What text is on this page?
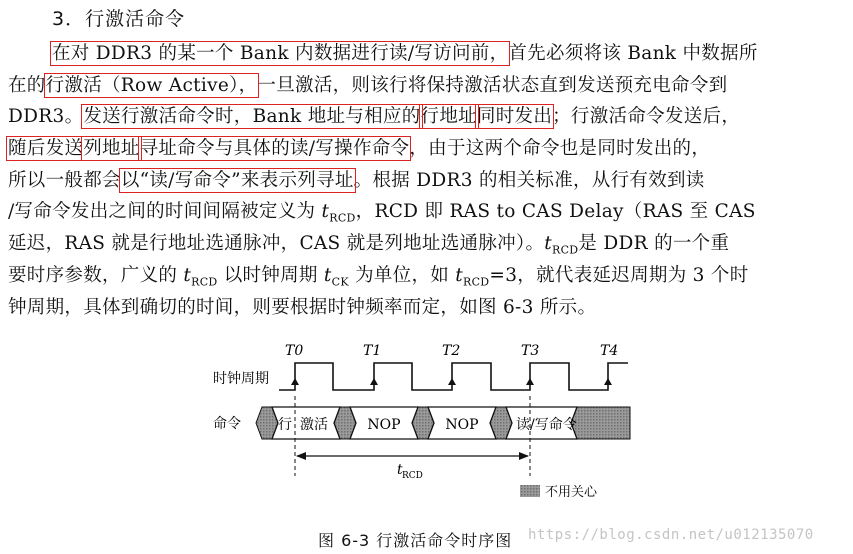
3．行激活命令
在对 DDR3 的某一个 Bank 内数据进行读/写访问前，首先必须将该 Bank 中数据所
在的行激活（Row Active），一旦激活，则该行将保持激活状态直到发送预充电命令到
DDR3。发送行激活命令时，Bank 地址与相应的行地址同时发出；行激活命令发送后，
随后发送列地址寻址命令与具体的读/写操作命令，由于这两个命令也是同时发出的，
所以一般都会以“读/写命令”来表示列寻址。根据 DDR3 的相关标准，从行有效到读
/写命令发出之间的时间间隔被定义为 $t_{RCD}$，RCD 即 RAS to CAS Delay（RAS 至 CAS
延迟，RAS 就是行地址选通脉冲，CAS 就是列地址选通脉冲）。$t_{RCD}$是 DDR 的一个重
要时序参数，广义的 $t_{RCD}$ 以时钟周期 $t_{CK}$ 为单位，如 $t_{RCD}=3$，就代表延迟周期为 3 个时
钟周期，具体到确切的时间，则要根据时钟频率而定，如图 6-3 所示。
时钟周期
T0	T1	T2	T3	T4
命令	行 激活	NOP	NOP	读/写命令
t RCD
不用关心
图 6-3 行激活命令时序图 https://blog.csdn.net/u012135070
